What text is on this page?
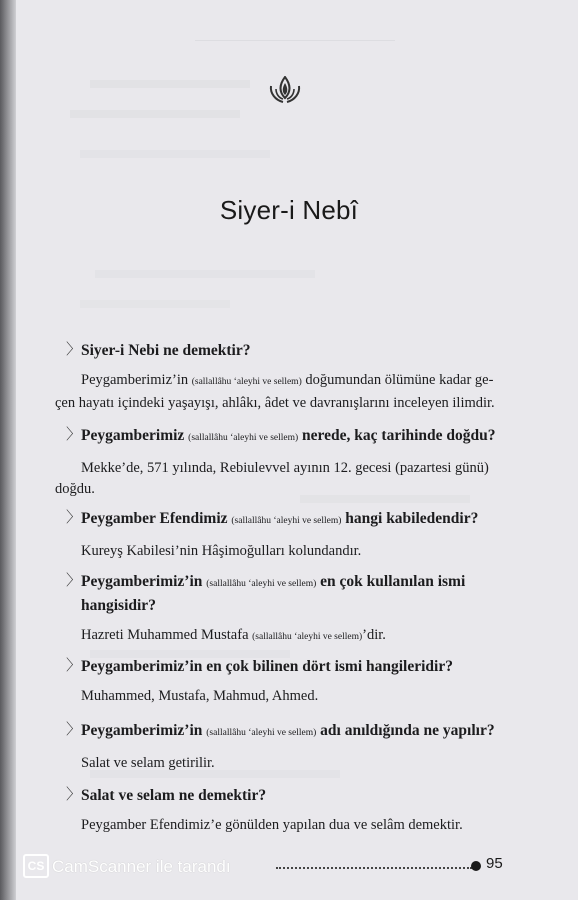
Siyer-i Nebî
〉 Siyer-i Nebi ne demektir?
Peygamberimiz’in (sallallâhu ‘aleyhi ve sellem) doğumundan ölümüne kadar ge-
çen hayatı içindeki yaşayışı, ahlâkı, âdet ve davranışlarını inceleyen ilimdir.
〉 Peygamberimiz (sallallâhu ‘aleyhi ve sellem) nerede, kaç tarihinde doğdu?
Mekke’de, 571 yılında, Rebiulevvel ayının 12. gecesi (pazartesi günü)
doğdu.
〉 Peygamber Efendimiz (sallallâhu ‘aleyhi ve sellem) hangi kabiledendir?
Kureyş Kabilesi’nin Hâşimoğulları kolundandır.
〉 Peygamberimiz’in (sallallâhu ‘aleyhi ve sellem) en çok kullanılan ismi hangisidir?
Hazreti Muhammed Mustafa (sallallâhu ‘aleyhi ve sellem)’dir.
〉 Peygamberimiz’in en çok bilinen dört ismi hangileridir?
Muhammed, Mustafa, Mahmud, Ahmed.
〉 Peygamberimiz’in (sallallâhu ‘aleyhi ve sellem) adı anıldığında ne yapılır?
Salat ve selam getirilir.
〉 Salat ve selam ne demektir?
Peygamber Efendimiz’e gönülden yapılan dua ve selâm demektir.
CS CamScanner ile tarandı	95
